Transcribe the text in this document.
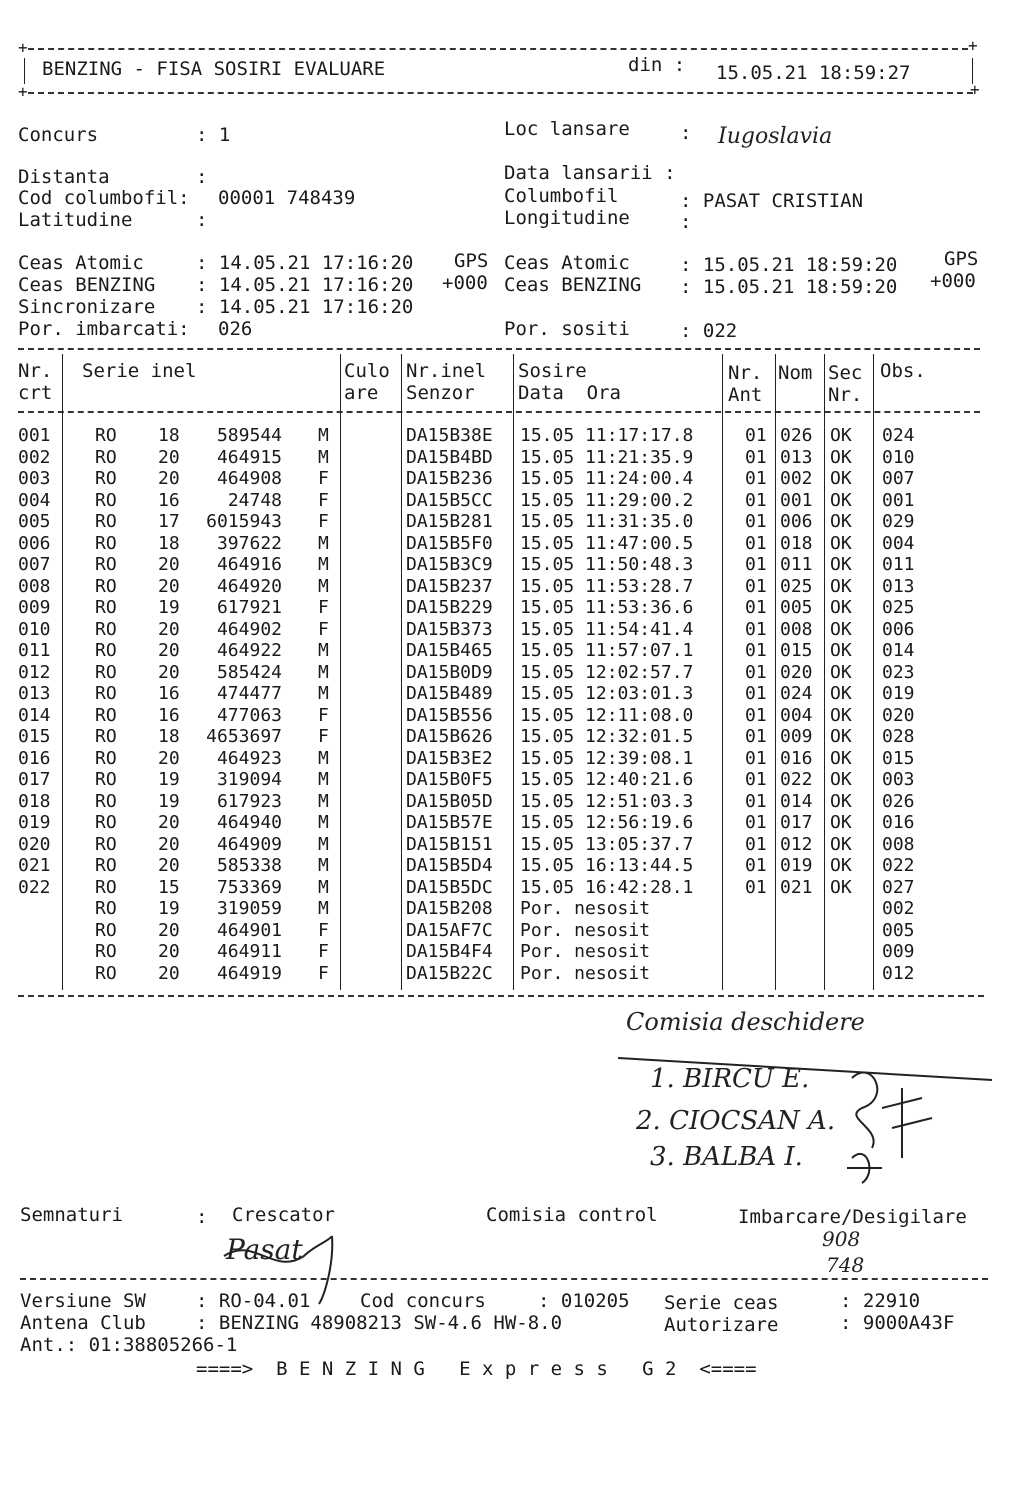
+	+
BENZING - FISA SOSIRI EVALUARE	din : 15.05.21 18:59:27
+	+
Concurs	: 1	Loc lansare	: Iugoslavia
Distanta	:	Data lansarii :
Cod columbofil: 00001 748439	Columbofil	: PASAT CRISTIAN
Latitudine	:	Longitudine	:
Ceas Atomic	: 14.05.21 17:16:20 GPS
Ceas BENZING : 14.05.21 17:16:20 +000
Sincronizare : 14.05.21 17:16:20
Por. imbarcati: 026
Ceas Atomic	: 15.05.21 18:59:20 GPS
Ceas BENZING : 15.05.21 18:59:20 +000
Por. sositi	: 022
Nr.
crt
Serie inel	Culo
are
Nr.inel
Senzor
Sosire
Data  Ora
Nr.
Ant
Nom Sec
Nr.
Obs.
001	RO	18	589544 M	DA15B38E	15.05 11:17:17.8	01 026 OK	024
002	RO	20	464915 M	DA15B4BD	15.05 11:21:35.9	01 013 OK	010
003	RO	20	464908 F	DA15B236	15.05 11:24:00.4	01 002 OK	007
004	RO	16	24748 F	DA15B5CC	15.05 11:29:00.2	01 001 OK	001
005	RO	17	6015943 F	DA15B281	15.05 11:31:35.0	01 006 OK	029
006	RO	18	397622 M	DA15B5F0	15.05 11:47:00.5	01 018 OK	004
007	RO	20	464916 M	DA15B3C9	15.05 11:50:48.3	01 011 OK	011
008	RO	20	464920 M	DA15B237	15.05 11:53:28.7	01 025 OK	013
009	RO	19	617921 F	DA15B229	15.05 11:53:36.6	01 005 OK	025
010	RO	20	464902 F	DA15B373	15.05 11:54:41.4	01 008 OK	006
011	RO	20	464922 M	DA15B465	15.05 11:57:07.1	01 015 OK	014
012	RO	20	585424 M	DA15B0D9	15.05 12:02:57.7	01 020 OK	023
013	RO	16	474477 M	DA15B489	15.05 12:03:01.3	01 024 OK	019
014	RO	16	477063 F	DA15B556	15.05 12:11:08.0	01 004 OK	020
015	RO	18	4653697 F	DA15B626	15.05 12:32:01.5	01 009 OK	028
016	RO	20	464923 M	DA15B3E2	15.05 12:39:08.1	01 016 OK	015
017	RO	19	319094 M	DA15B0F5	15.05 12:40:21.6	01 022 OK	003
018	RO	19	617923 M	DA15B05D	15.05 12:51:03.3	01 014 OK	026
019	RO	20	464940 M	DA15B57E	15.05 12:56:19.6	01 017 OK	016
020	RO	20	464909 M	DA15B151	15.05 13:05:37.7	01 012 OK	008
021	RO	20	585338 M	DA15B5D4	15.05 16:13:44.5	01 019 OK	022
022	RO	15	753369 M	DA15B5DC	15.05 16:42:28.1	01 021 OK	027
RO	19	319059 M	DA15B208	Por. nesosit	002
RO	20	464901 F	DA15AF7C	Por. nesosit	005
RO	20	464911 F	DA15B4F4	Por. nesosit	009
RO	20	464919 F	DA15B22C	Por. nesosit	012
Comisia deschidere
1. BIRCU E.
2. CIOCSAN A.
3. BALBA I.
Semnaturi	: Crescator	Comisia control	Imbarcare/Desigilare
Pasat	908
748
Versiune SW	: RO-04.01	Cod concurs	: 010205 Serie ceas	: 22910
Antena Club	: BENZING 48908213 SW-4.6 HW-8.0	Autorizare	: 9000A43F
Ant.: 01:38805266-1
====>  B E N Z I N G   E x p r e s s   G 2  <====
